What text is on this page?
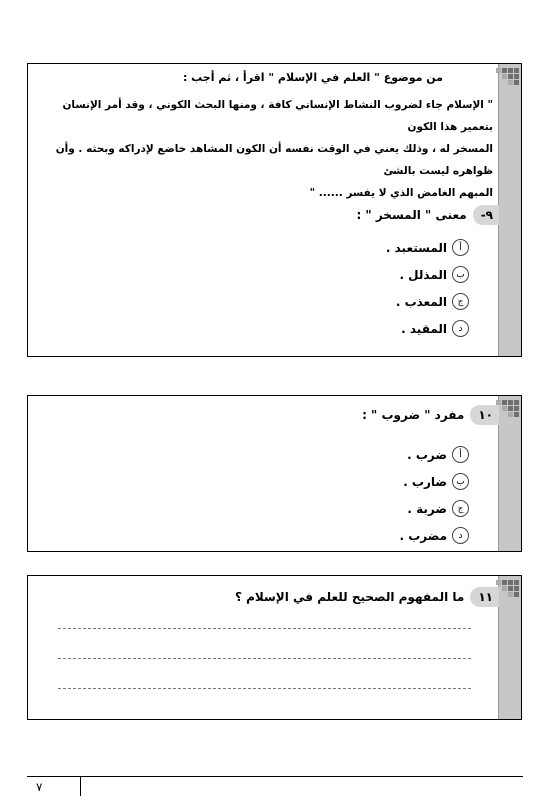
من موضوع " العلم في الإسلام " اقرأ ، ثم أجب :
" الإسلام جاء لضروب النشاط الإنساني كافة ، ومنها البحث الكوني ، وقد أمر الإنسان بتعمير هذا الكون
المسخر له ، وذلك يعني في الوقت نفسه أن الكون المشاهد خاضع لإدراكه وبحثه . وأن ظواهره ليست بالشئ
المبهم الغامض الذي لا يفسر ...... "
٩-
معنى " المسخر " :
أ
المستعبد .
ب
المذلل .
ج
المعذب .
د
المقيد .
١٠
مفرد " ضروب " :
أ
ضرب .
ب
ضارب .
ج
ضربة .
د
مضرب .
١١
ما المفهوم الصحيح للعلم في الإسلام ؟
٧
